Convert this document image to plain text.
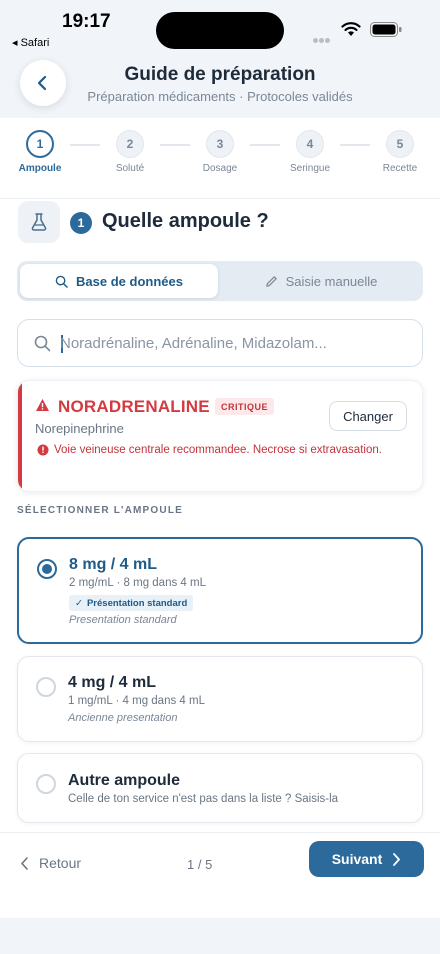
19:17
◂ Safari
Guide de préparation
Préparation médicaments · Protocoles validés
1
Ampoule
2
Soluté
3
Dosage
4
Seringue
5
Recette
1 Quelle ampoule ?
Base de données	Saisie manuelle
Noradrénaline, Adrénaline, Midazolam...
NORADRENALINE	CRITIQUE
Norepinephrine
Changer
Voie veineuse centrale recommandee. Necrose si extravasation.
SÉLECTIONNER L'AMPOULE
8 mg / 4 mL
2 mg/mL · 8 mg dans 4 mL
✓ Présentation standard
Presentation standard
4 mg / 4 mL
1 mg/mL · 4 mg dans 4 mL
Ancienne presentation
Autre ampoule
Celle de ton service n'est pas dans la liste ? Saisis-la
Retour	1 / 5	Suivant
